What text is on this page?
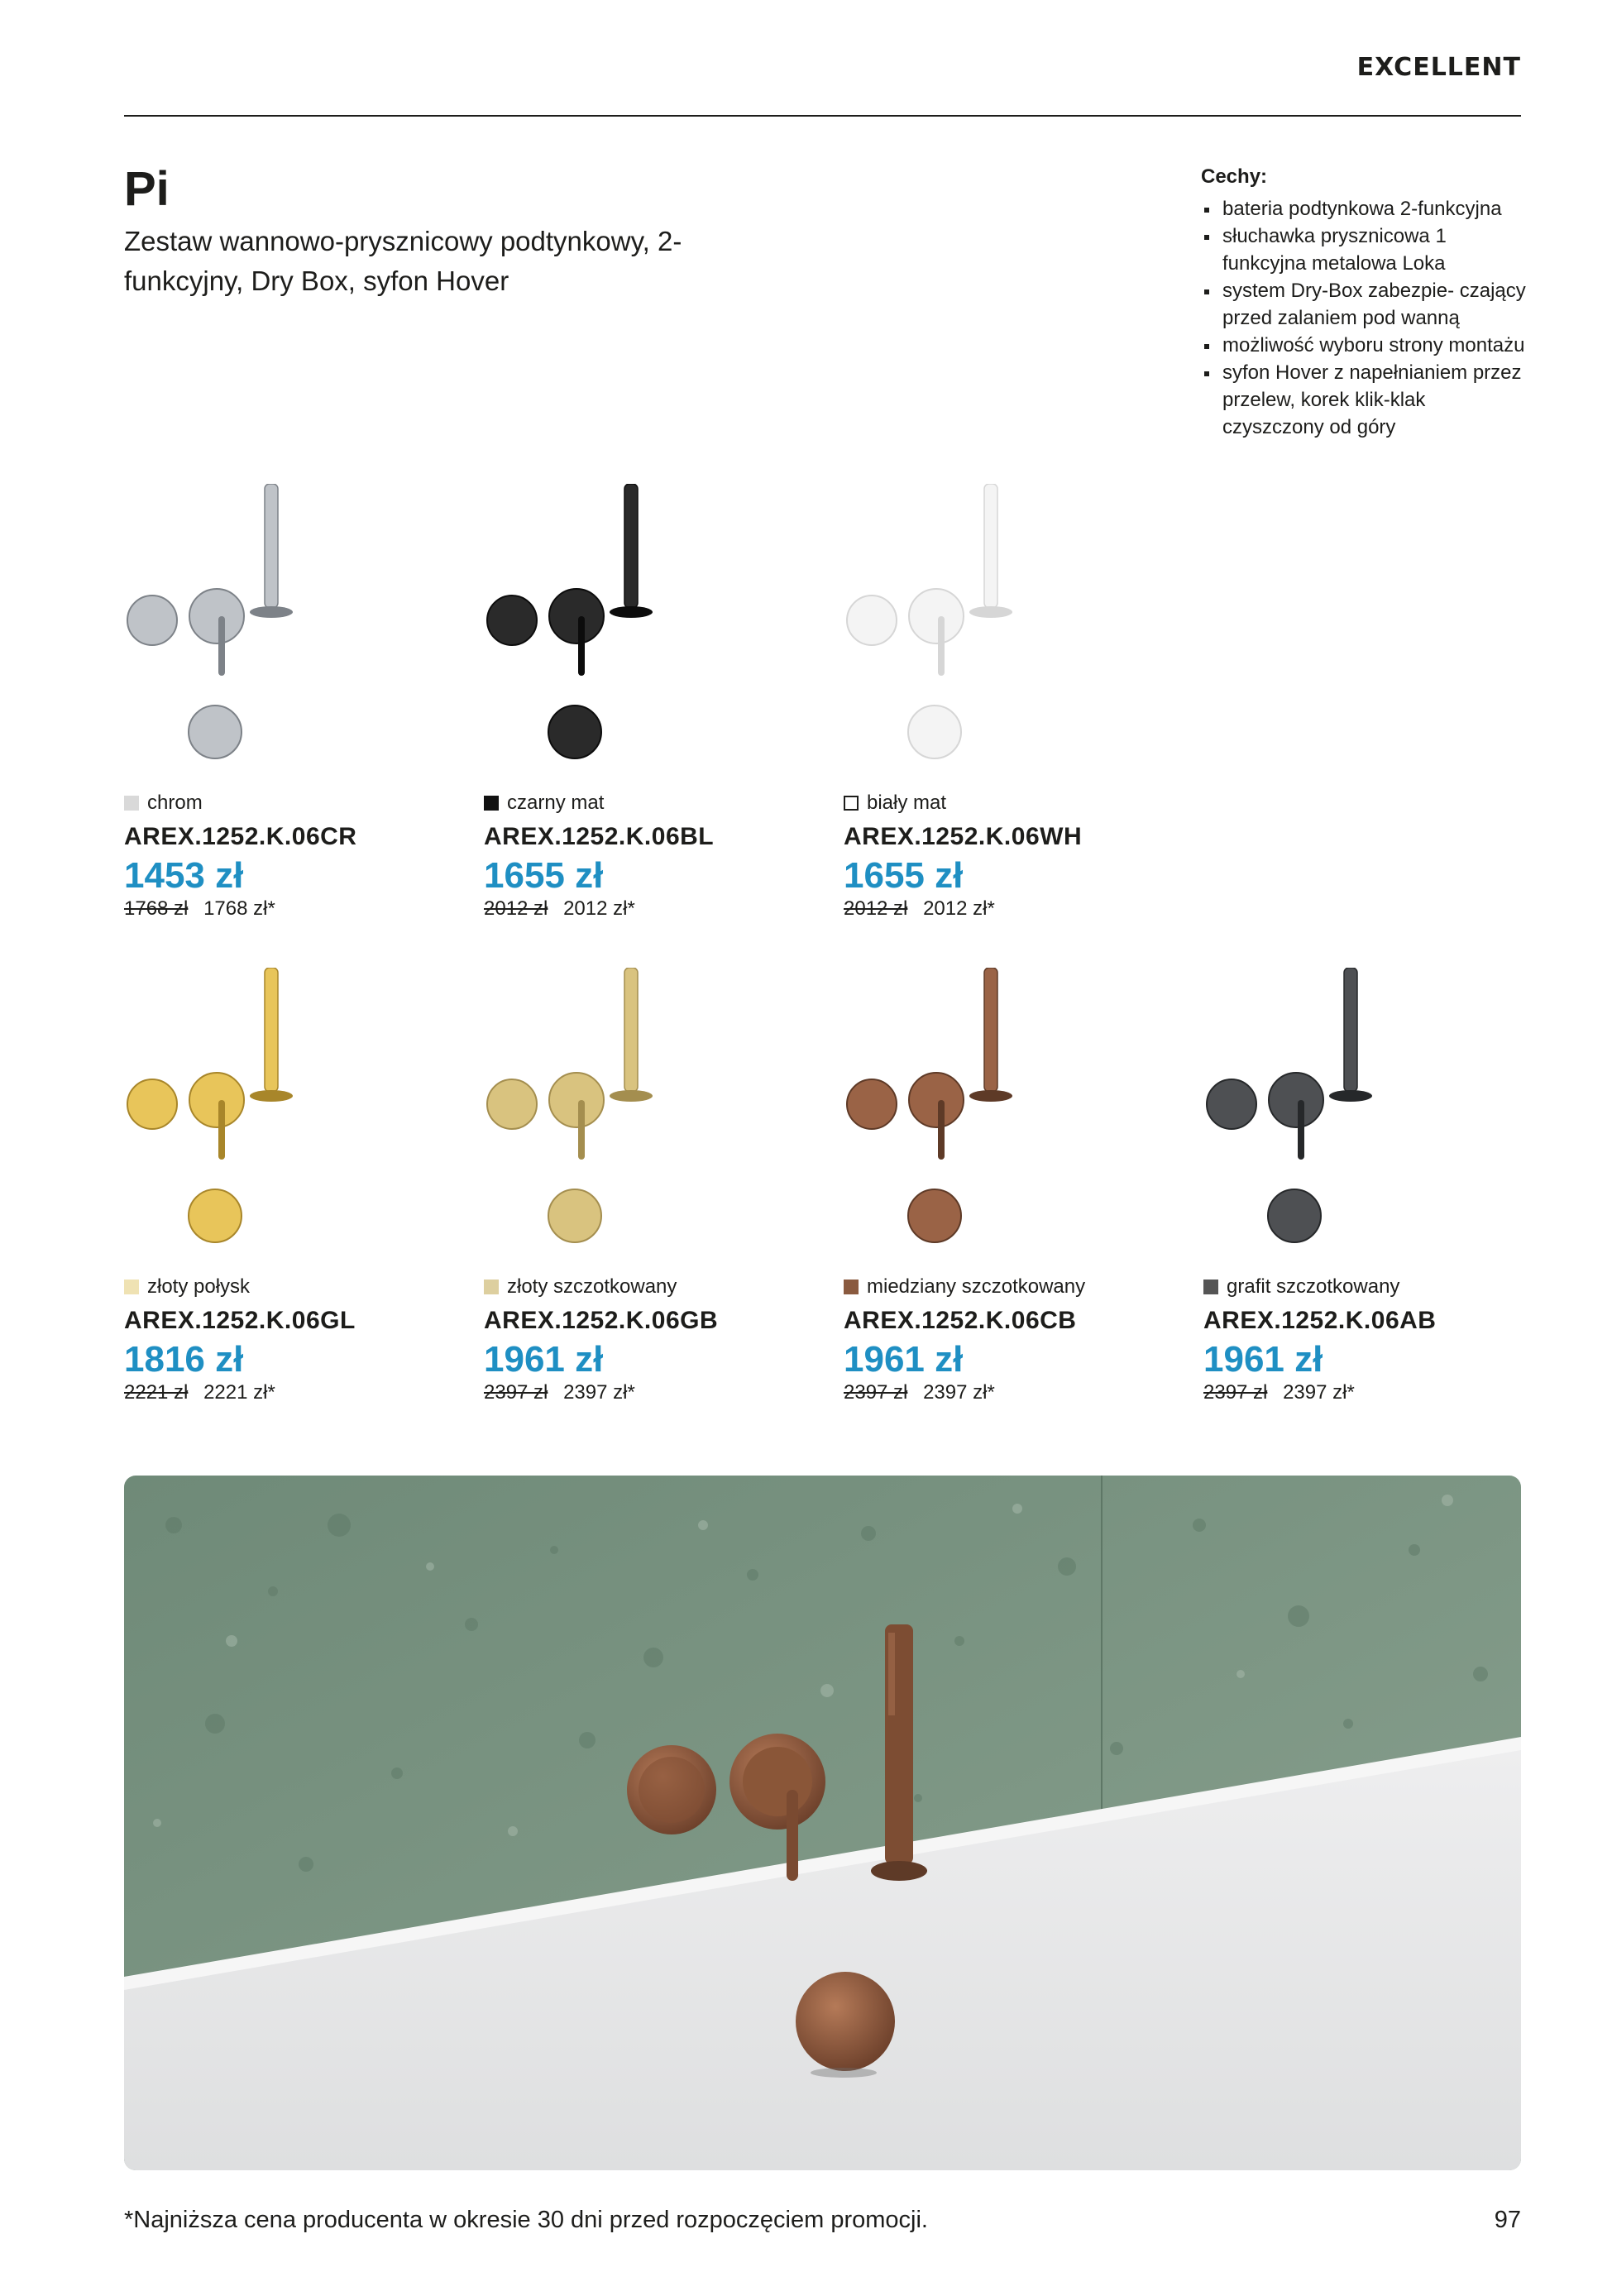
EXCELLENT
Pi

Zestaw wannowo-prysznicowy podtynkowy, 2-funkcyjny, Dry Box, syfon Hover

Cechy:

bateria podtynkowa 2-funkcyjna
słuchawka prysznicowa 1 funkcyjna metalowa Loka
system Dry-Box zabezpie- czający przed zalaniem pod wanną
możliwość wyboru strony montażu
syfon Hover z napełnianiem przez przelew, korek klik-klak czyszczony od góry
chrom
AREX.1252.K.06CR
1453 zł
1768 zł 1768 zł*
czarny mat
AREX.1252.K.06BL
1655 zł
2012 zł 2012 zł*
biały mat
AREX.1252.K.06WH
1655 zł
2012 zł 2012 zł*
złoty połysk
AREX.1252.K.06GL
1816 zł
2221 zł 2221 zł*
złoty szczotkowany
AREX.1252.K.06GB
1961 zł
2397 zł 2397 zł*
miedziany szczotkowany
AREX.1252.K.06CB
1961 zł
2397 zł 2397 zł*
grafit szczotkowany
AREX.1252.K.06AB
1961 zł
2397 zł 2397 zł*
*Najniższa cena producenta w okresie 30 dni przed rozpoczęciem promocji.	97
